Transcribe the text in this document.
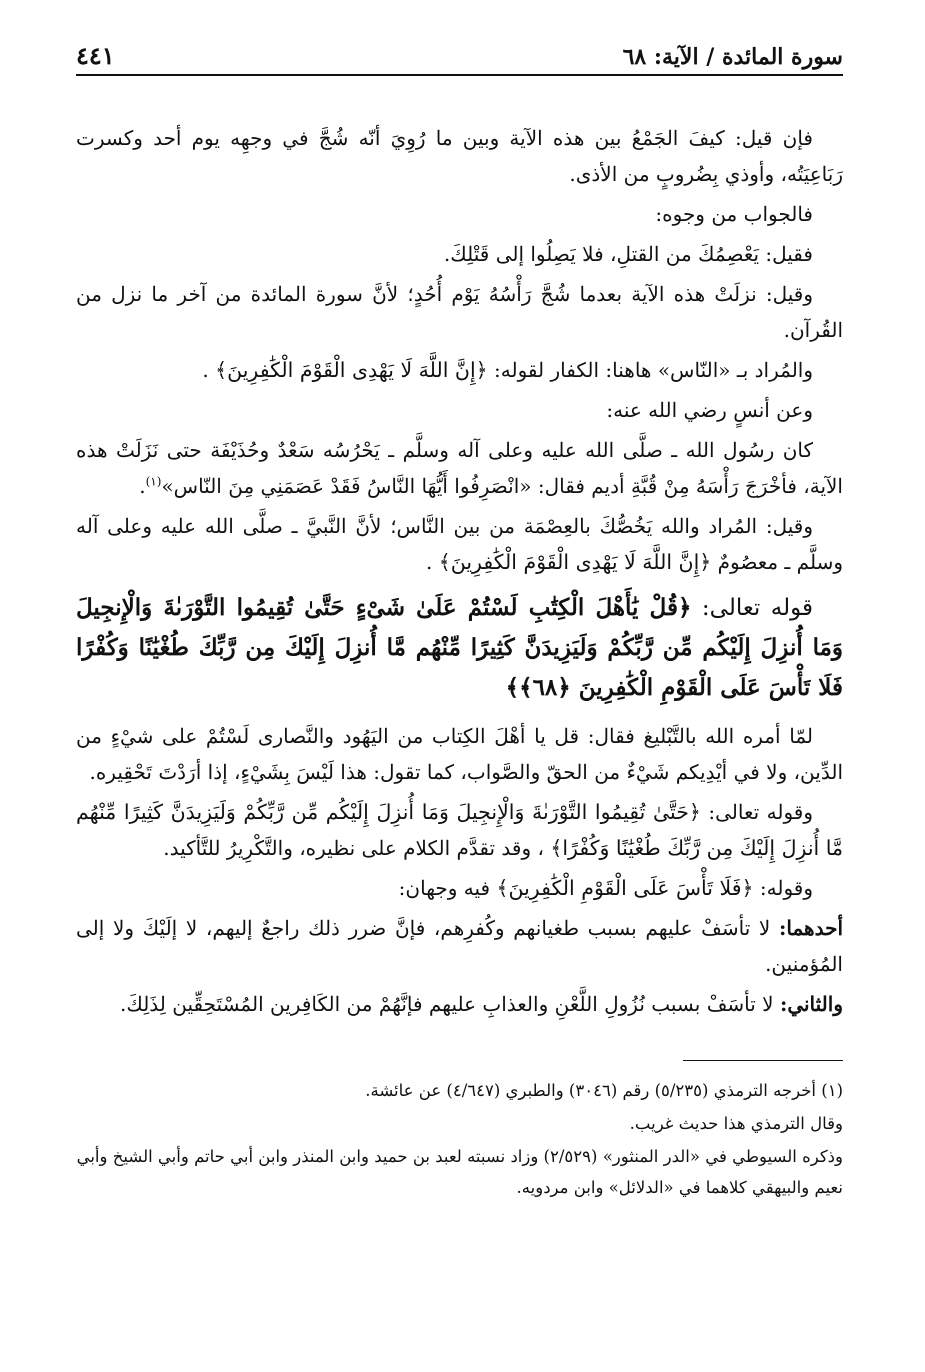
سورة المائدة / الآية: ٦٨
٤٤١

فإن قيل: كيفَ الجَمْعُ بين هذه الآية وبين ما رُوِيَ أنّه شُجَّ في وجهِه يوم أحد وكسرت رَبَاعِيَتُه، وأوذي بِضُروبٍ من الأذى.

فالجواب من وجوه:

فقيل: يَعْصِمُكَ من القتلِ، فلا يَصِلُوا إلى قَتْلِكَ.

وقيل: نزلَتْ هذه الآية بعدما شُجَّ رَأْسُهُ يَوْم أُحُدٍ؛ لأنَّ سورة المائدة من آخر ما نزل من القُرآن.

والمُراد بـ «النّاس» هاهنا: الكفار لقوله: ﴿إِنَّ اللَّهَ لَا يَهْدِى الْقَوْمَ الْكَٰفِرِينَ﴾ .

وعن أنسٍ رضي الله عنه:

كان رسُول الله ـ صلَّى الله عليه وعلى آله وسلَّم ـ يَحْرُسُه سَعْدٌ وحُذَيْفَة حتى نَزَلَتْ هذه الآية، فأخْرَجَ رَأْسَهُ مِنْ قُبَّةِ أديم فقال: «انْصَرِفُوا أَيُّهَا النَّاسُ فَقَدْ عَصَمَنِي مِنَ النّاس»$^{(١)}$.

وقيل: المُراد والله يَخُصُّكَ بالعِصْمَة من بين النَّاس؛ لأنَّ النَّبيَّ ـ صلَّى الله عليه وعلى آله وسلَّم ـ معصُومٌ ﴿إِنَّ اللَّهَ لَا يَهْدِى الْقَوْمَ الْكَٰفِرِينَ﴾ .

قوله تعالى: ﴿قُلْ يَٰأَهْلَ الْكِتَٰبِ لَسْتُمْ عَلَىٰ شَىْءٍ حَتَّىٰ تُقِيمُوا التَّوْرَىٰةَ وَالْإِنجِيلَ وَمَا أُنزِلَ إِلَيْكُم مِّن رَّبِّكُمْ وَلَيَزِيدَنَّ كَثِيرًا مِّنْهُم مَّا أُنزِلَ إِلَيْكَ مِن رَّبِّكَ طُغْيَٰنًا وَكُفْرًا فَلَا تَأْسَ عَلَى الْقَوْمِ الْكَٰفِرِينَ ﴿٦٨﴾﴾

لمّا أمره الله بالتَّبْليغ فقال: قل يا أهْلَ الكِتاب من اليَهُود والنَّصارى لَسْتُمْ على شيْءٍ من الدِّين، ولا في أيْدِيكم شَيْءٌ من الحقّ والصَّواب، كما تقول: هذا لَيْسَ بِشَيْءٍ، إذا أرَدْتَ تَحْقِيره.

وقوله تعالى: ﴿حَتَّىٰ تُقِيمُوا التَّوْرَىٰةَ وَالْإِنجِيلَ وَمَا أُنزِلَ إِلَيْكُم مِّن رَّبِّكُمْ وَلَيَزِيدَنَّ كَثِيرًا مِّنْهُم مَّا أُنزِلَ إِلَيْكَ مِن رَّبِّكَ طُغْيَٰنًا وَكُفْرًا﴾ ، وقد تقدَّم الكلام على نظيره، والتَّكْرِيرُ للتَّأكيد.

وقوله: ﴿فَلَا تَأْسَ عَلَى الْقَوْمِ الْكَٰفِرِينَ﴾ فيه وجهان:

أحدهما: لا تأسَفْ عليهم بسبب طغيانهم وكُفرِهم، فإنَّ ضرر ذلك راجعٌ إليهم، لا إلَيْكَ ولا إلى المُؤمنين.

والثاني: لا تأسَفْ بسبب نُزُولِ اللَّعْنِ والعذابِ عليهم فإنَّهُمْ من الكَافِرين المُسْتَحِقِّين لِذَلِكَ.

(١) أخرجه الترمذي (٥/٢٣٥) رقم (٣٠٤٦) والطبري (٤/٦٤٧) عن عائشة.

وقال الترمذي هذا حديث غريب.

وذكره السيوطي في «الدر المنثور» (٢/٥٢٩) وزاد نسبته لعبد بن حميد وابن المنذر وابن أبي حاتم وأبي الشيخ وأبي نعيم والبيهقي كلاهما في «الدلائل» وابن مردويه.
